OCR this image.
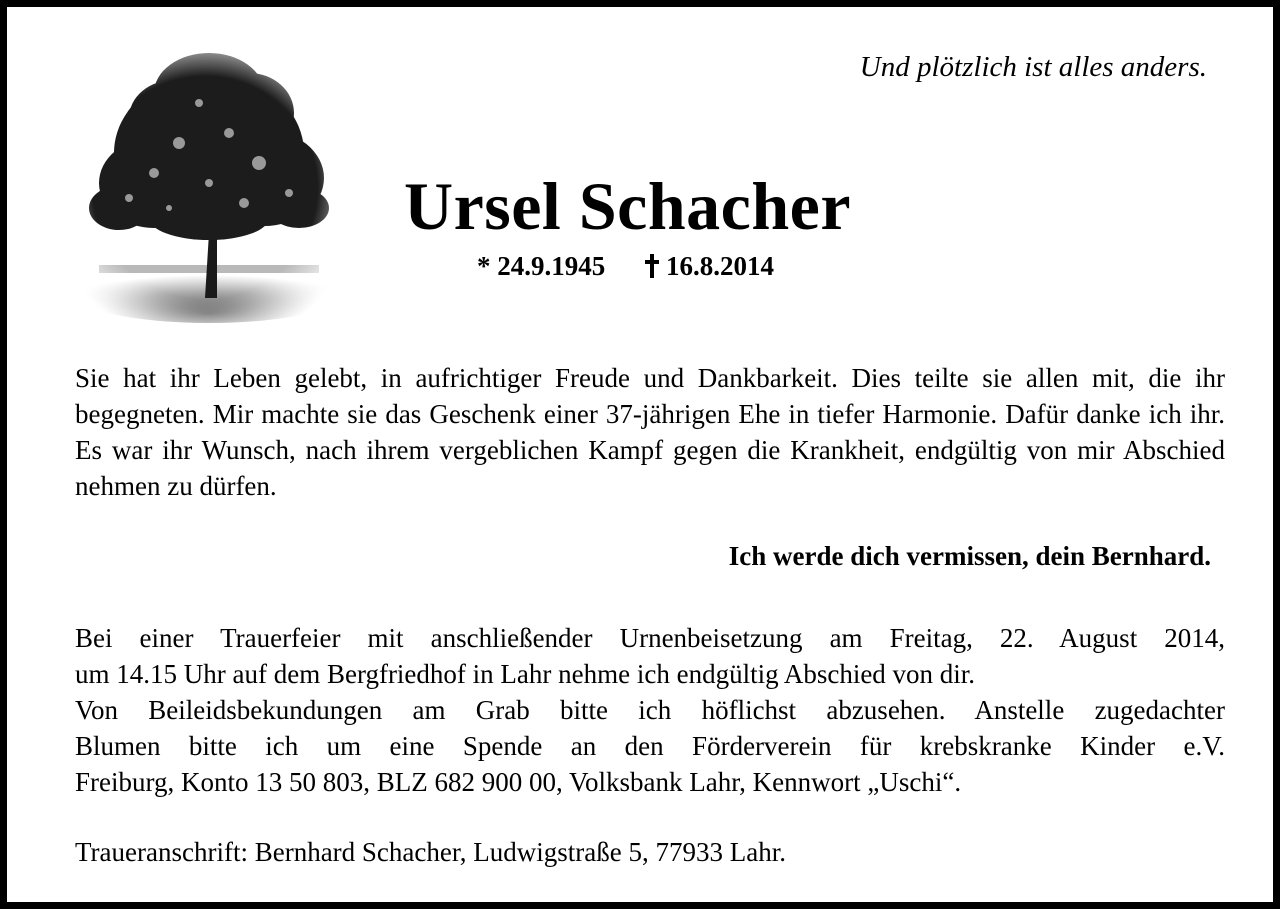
Und plötzlich ist alles anders.
Ursel Schacher
* 24.9.1945 16.8.2014
Sie hat ihr Leben gelebt, in aufrichtiger Freude und Dankbarkeit. Dies teilte sie allen mit, die ihr begegneten. Mir machte sie das Geschenk einer 37-jährigen Ehe in tiefer Harmonie. Dafür danke ich ihr. Es war ihr Wunsch, nach ihrem vergeblichen Kampf gegen die Krankheit, endgültig von mir Abschied nehmen zu dürfen.
Ich werde dich vermissen, dein Bernhard.
Bei einer Trauerfeier mit anschließender Urnenbeisetzung am Freitag, 22. August 2014,
um 14.15 Uhr auf dem Bergfriedhof in Lahr nehme ich endgültig Abschied von dir.
Von Beileidsbekundungen am Grab bitte ich höflichst abzusehen. Anstelle zugedachter
Blumen bitte ich um eine Spende an den Förderverein für krebskranke Kinder e.V.
Freiburg, Konto 13 50 803, BLZ 682 900 00, Volksbank Lahr, Kennwort „Uschi“.
Traueranschrift: Bernhard Schacher, Ludwigstraße 5, 77933 Lahr.
